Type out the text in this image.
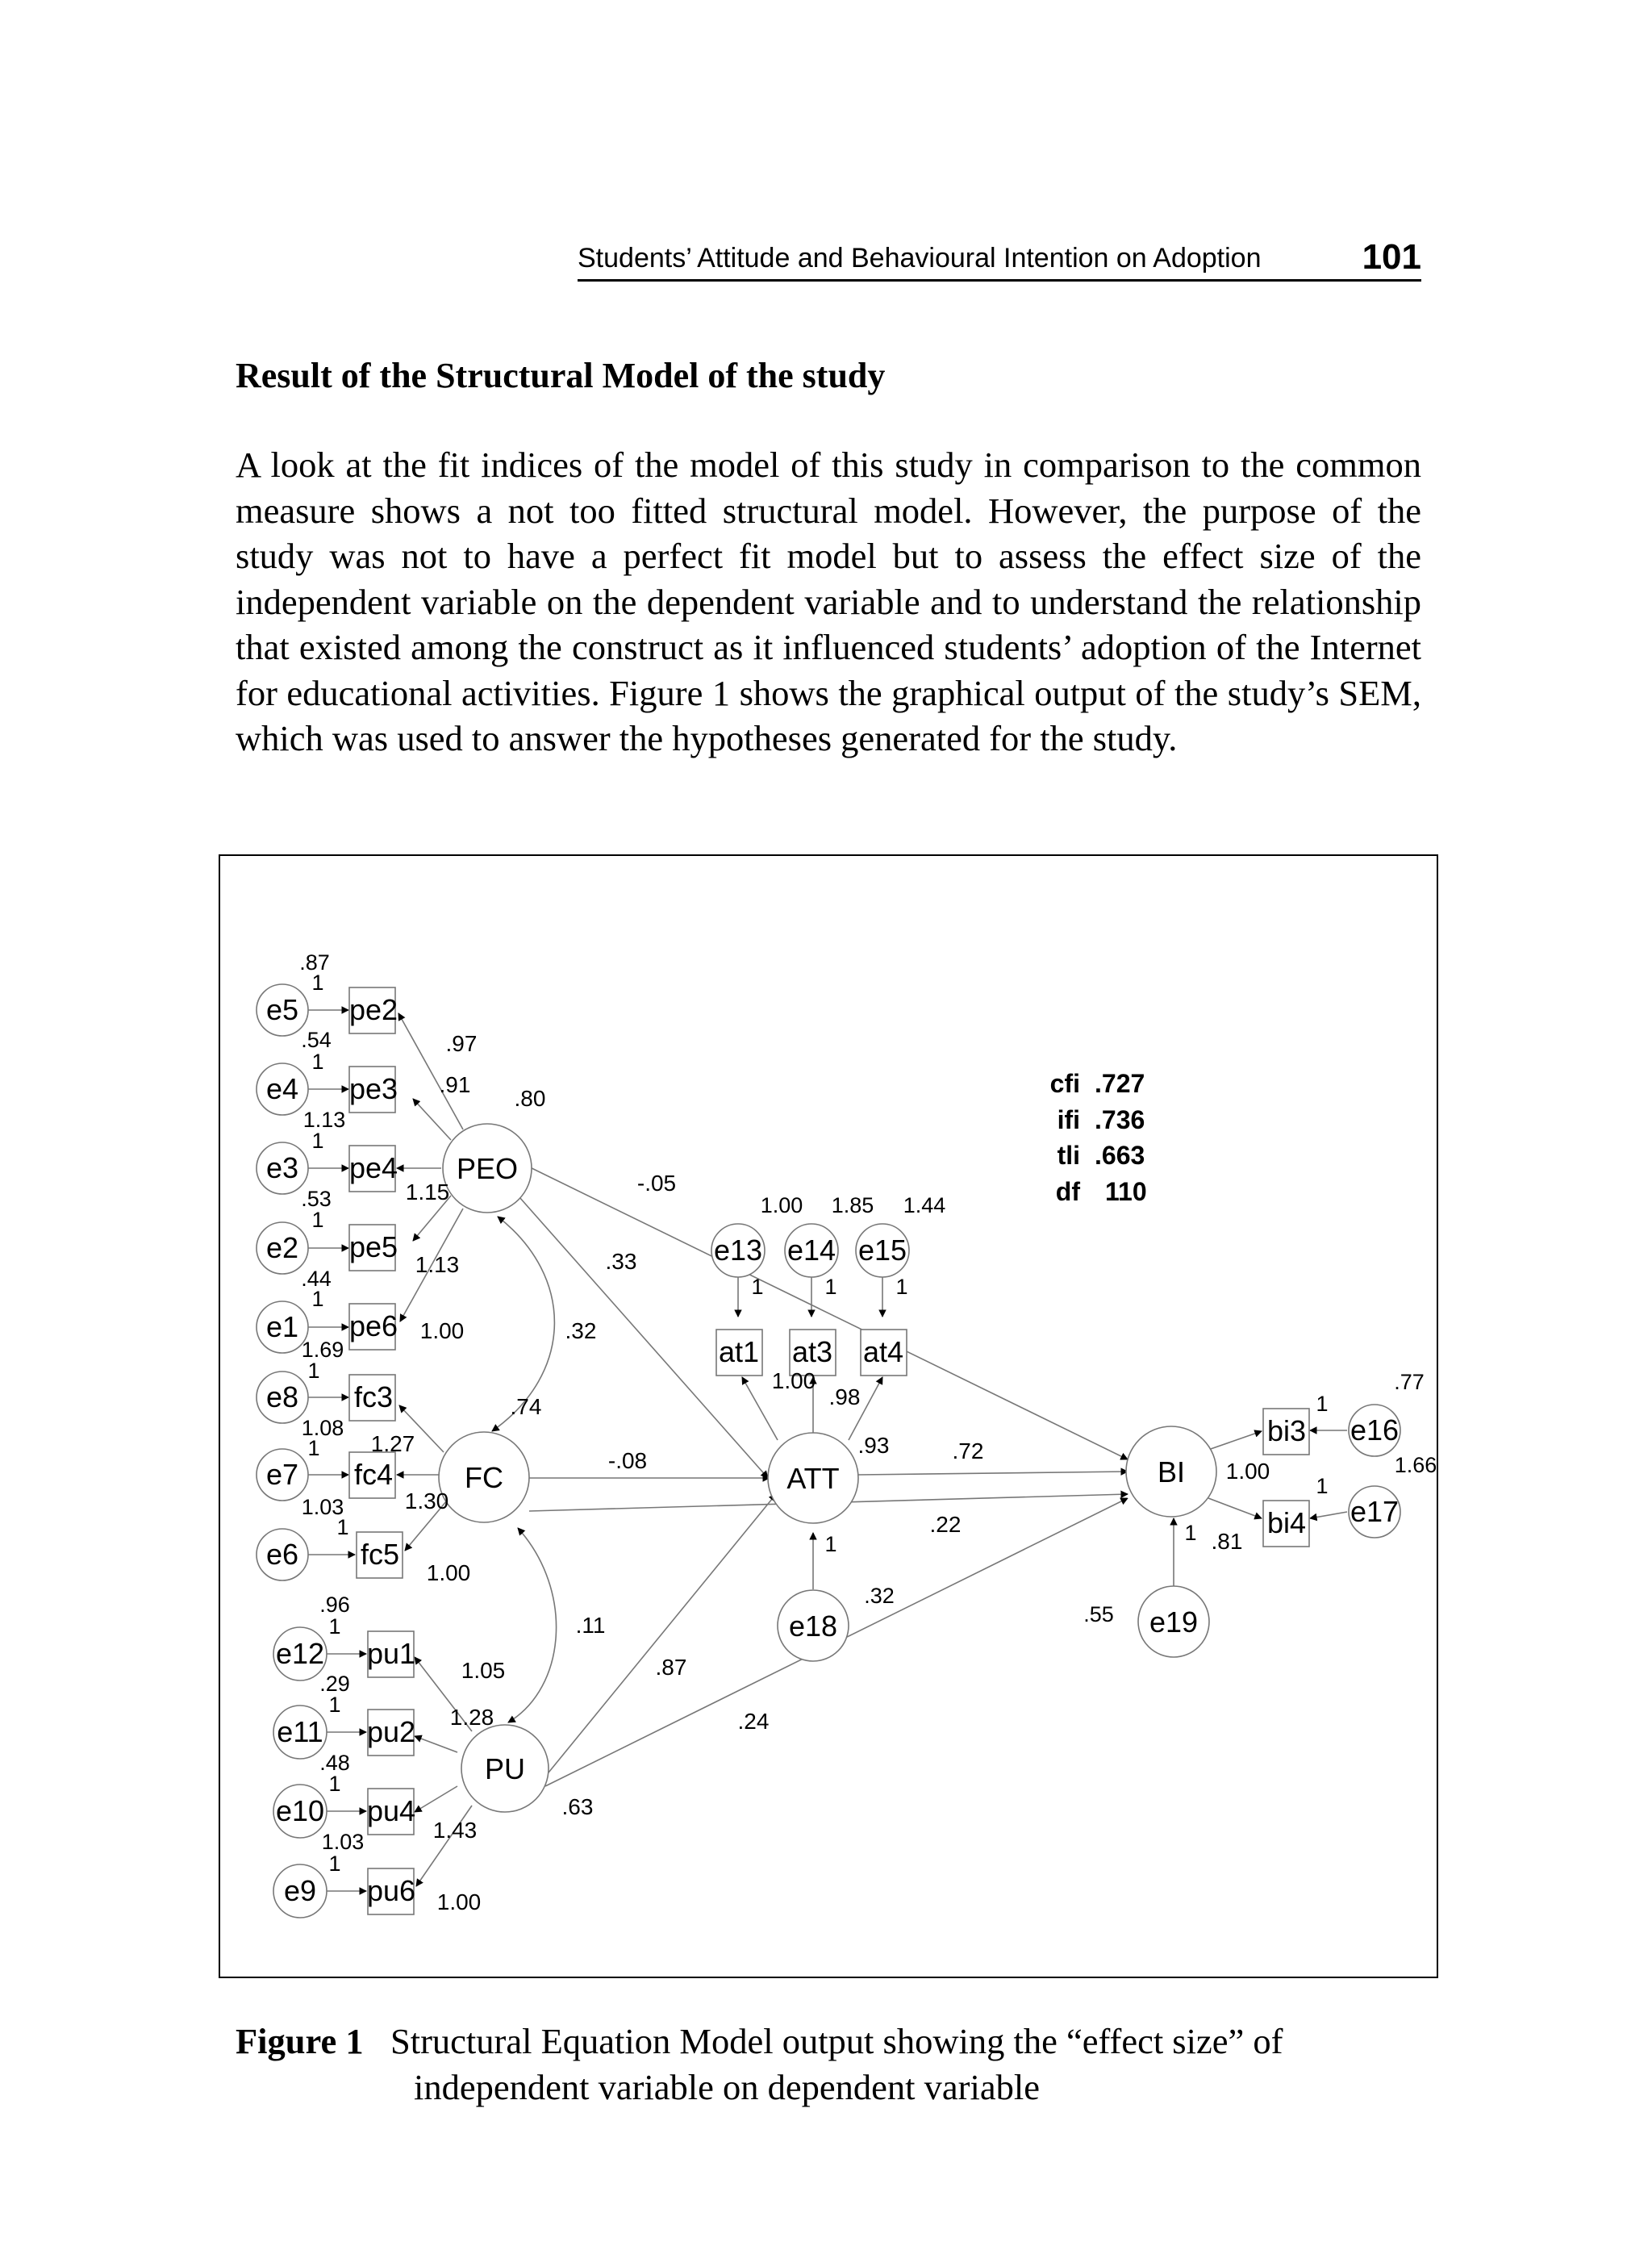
Students’ Attitude and Behavioural Intention on Adoption	101
Result of the Structural Model of the study

A look at the fit indices of the model of this study in comparison to the common measure shows a not too fitted structural model. However, the purpose of the study was not to have a perfect fit model but to assess the effect size of the independent variable on the dependent variable and to understand the relationship that existed among the construct as it influenced students’ adoption of the Internet for educational activities. Figure 1 shows the graphical output of the study’s SEM, which was used to answer the hypotheses generated for the study.

PEO
FC
PU
ATT	BI
e5
e4
e3
e2
e1
e8
e7
e6
e12
e11
e10
e9
e13 e14 e15
e18	e19
e16
e17
pe2
pe3
pe4
pe5
pe6
fc3
fc4
fc5
pu1
pu2
pu4
pu6
at1 at3 at4
bi3
bi4
.87
.54
1.13
.53
.44
1.69
1.08
1.03
.96
.29
.48
1.03
1.00 1.85 1.44
.77
1.66
.55
.32
1
1
1
1
1
1
1
1
1
1
1
1
1	1	1
1	1
1
1
.97
.91
1.15
1.13
1.00
1.27
1.30
1.00
1.05
1.28
1.43
1.00
1.00
.98
.93
1.00
.81
.80
.63
.74
.11
-.05
.33
.32
-.08
.22
.87
.24
.72
cfi .727
ifi .736
tli .663
df 110
Figure 1 Structural Equation Model output showing the “effect size” of
independent variable on dependent variable
